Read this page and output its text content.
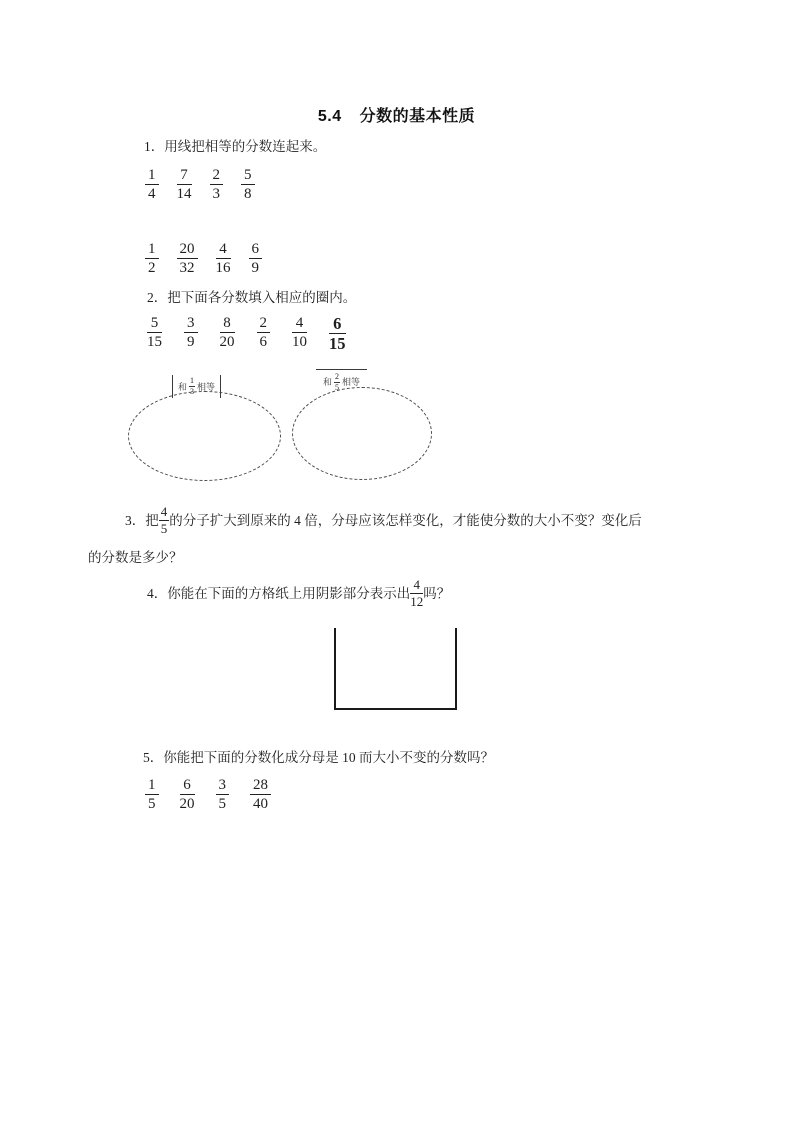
5.4 分数的基本性质
1．用线把相等的分数连起来。
$\frac{1}{4} \frac{7}{14} \frac{2}{3} \frac{5}{8}$
$\frac{1}{2} \frac{20}{32} \frac{4}{16} \frac{6}{9}$
2．把下面各分数填入相应的圈内。
$\frac{5}{15} \frac{3}{9} \frac{8}{20} \frac{2}{6} \frac{4}{10} \frac{6}{15}$
和 $\frac{1}{3}$ 相等	和 $\frac{2}{5}$ 相等
3．把 $\frac{4}{5}$ 的分子扩大到原来的 4 倍，分母应该怎样变化，才能使分数的大小不变？变化后
的分数是多少？
4．你能在下面的方格纸上用阴影部分表示出 $\frac{4}{12}$ 吗？
5．你能把下面的分数化成分母是 10 而大小不变的分数吗？
$\frac{1}{5} \frac{6}{20} \frac{3}{5} \frac{28}{40}$
